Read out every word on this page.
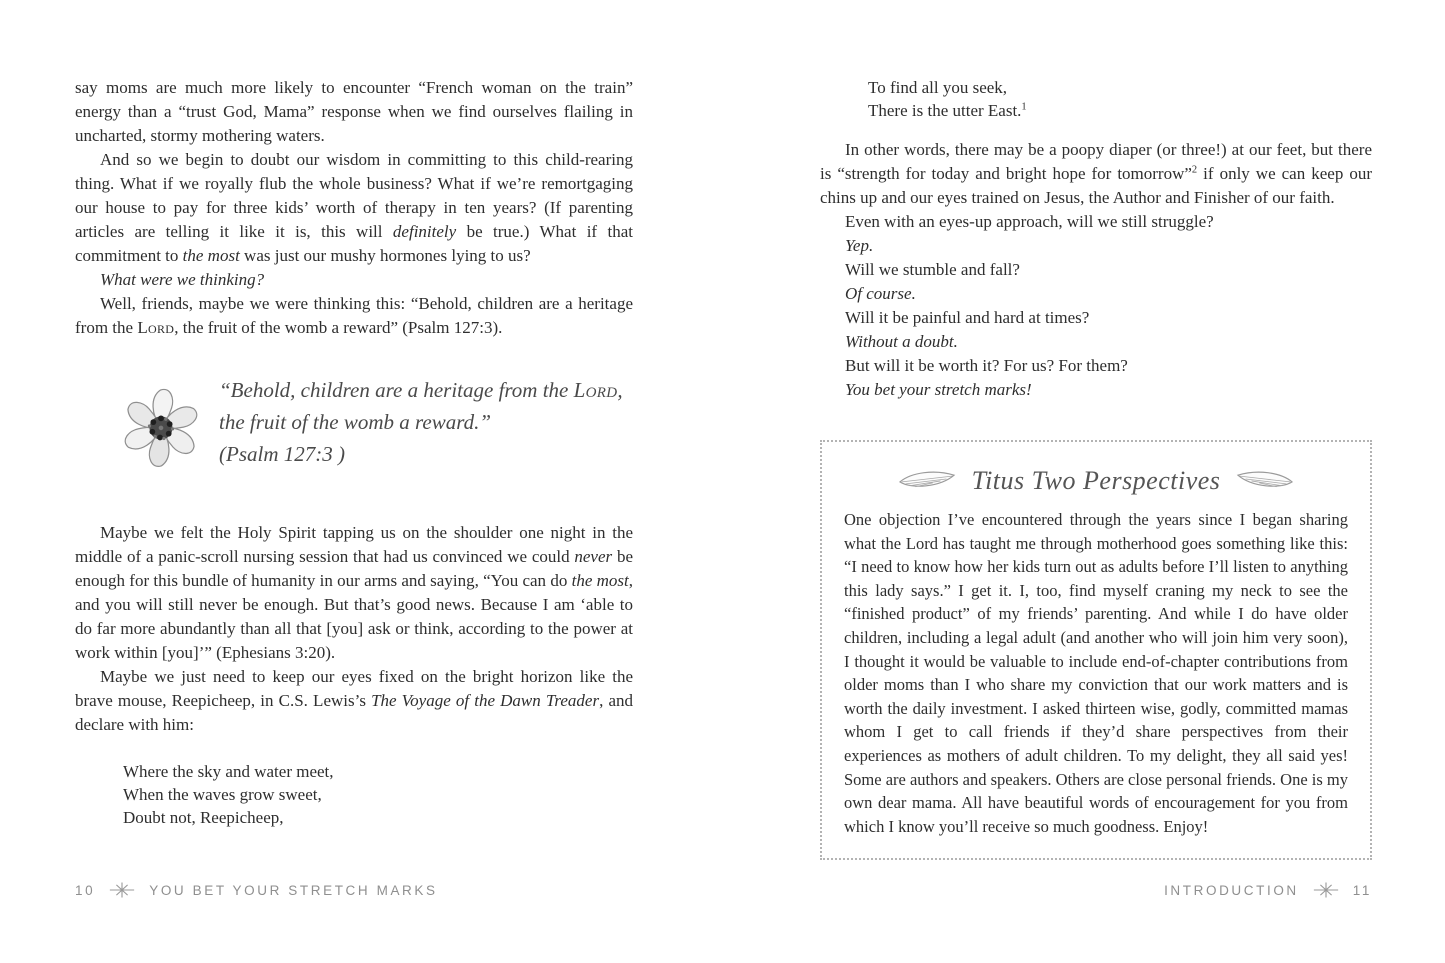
say moms are much more likely to encounter “French woman on the train” energy than a “trust God, Mama” response when we find ourselves flailing in uncharted, stormy mothering waters.

And so we begin to doubt our wisdom in committing to this child-rearing thing. What if we royally flub the whole business? What if we’re remortgaging our house to pay for three kids’ worth of therapy in ten years? (If parenting articles are telling it like it is, this will definitely be true.) What if that commitment to the most was just our mushy hormones lying to us?

What were we thinking?

Well, friends, maybe we were thinking this: “Behold, children are a heritage from the Lord, the fruit of the womb a reward” (Psalm 127:3).

“Behold, children are a heritage from the Lord,
the fruit of the womb a reward.”
(Psalm 127:3 )

Maybe we felt the Holy Spirit tapping us on the shoulder one night in the middle of a panic-scroll nursing session that had us convinced we could never be enough for this bundle of humanity in our arms and saying, “You can do the most, and you will still never be enough. But that’s good news. Because I am ‘able to do far more abundantly than all that [you] ask or think, according to the power at work within [you]’” (Ephesians 3:20).

Maybe we just need to keep our eyes fixed on the bright horizon like the brave mouse, Reepicheep, in C.S. Lewis’s The Voyage of the Dawn Treader, and declare with him:

Where the sky and water meet,
When the waves grow sweet,
Doubt not, Reepicheep,
To find all you seek,
There is the utter East.$^1$

In other words, there may be a poopy diaper (or three!) at our feet, but there is “strength for today and bright hope for tomorrow”$^2$ if only we can keep our chins up and our eyes trained on Jesus, the Author and Finisher of our faith.

Even with an eyes-up approach, will we still struggle?
Yep.
Will we stumble and fall?
Of course.
Will it be painful and hard at times?
Without a doubt.
But will it be worth it? For us? For them?
You bet your stretch marks!
Titus Two Perspectives

One objection I’ve encountered through the years since I began sharing what the Lord has taught me through motherhood goes something like this: “I need to know how her kids turn out as adults before I’ll listen to anything this lady says.” I get it. I, too, find myself craning my neck to see the “finished product” of my friends’ parenting. And while I do have older children, including a legal adult (and another who will join him very soon), I thought it would be valuable to include end-of-chapter contributions from older moms than I who share my conviction that our work matters and is worth the daily investment. I asked thirteen wise, godly, committed mamas whom I get to call friends if they’d share perspectives from their experiences as mothers of adult children. To my delight, they all said yes! Some are authors and speakers. Others are close personal friends. One is my own dear mama. All have beautiful words of encouragement for you from which I know you’ll receive so much goodness. Enjoy!

10	YOU BET YOUR STRETCH MARKS	INTRODUCTION	11
